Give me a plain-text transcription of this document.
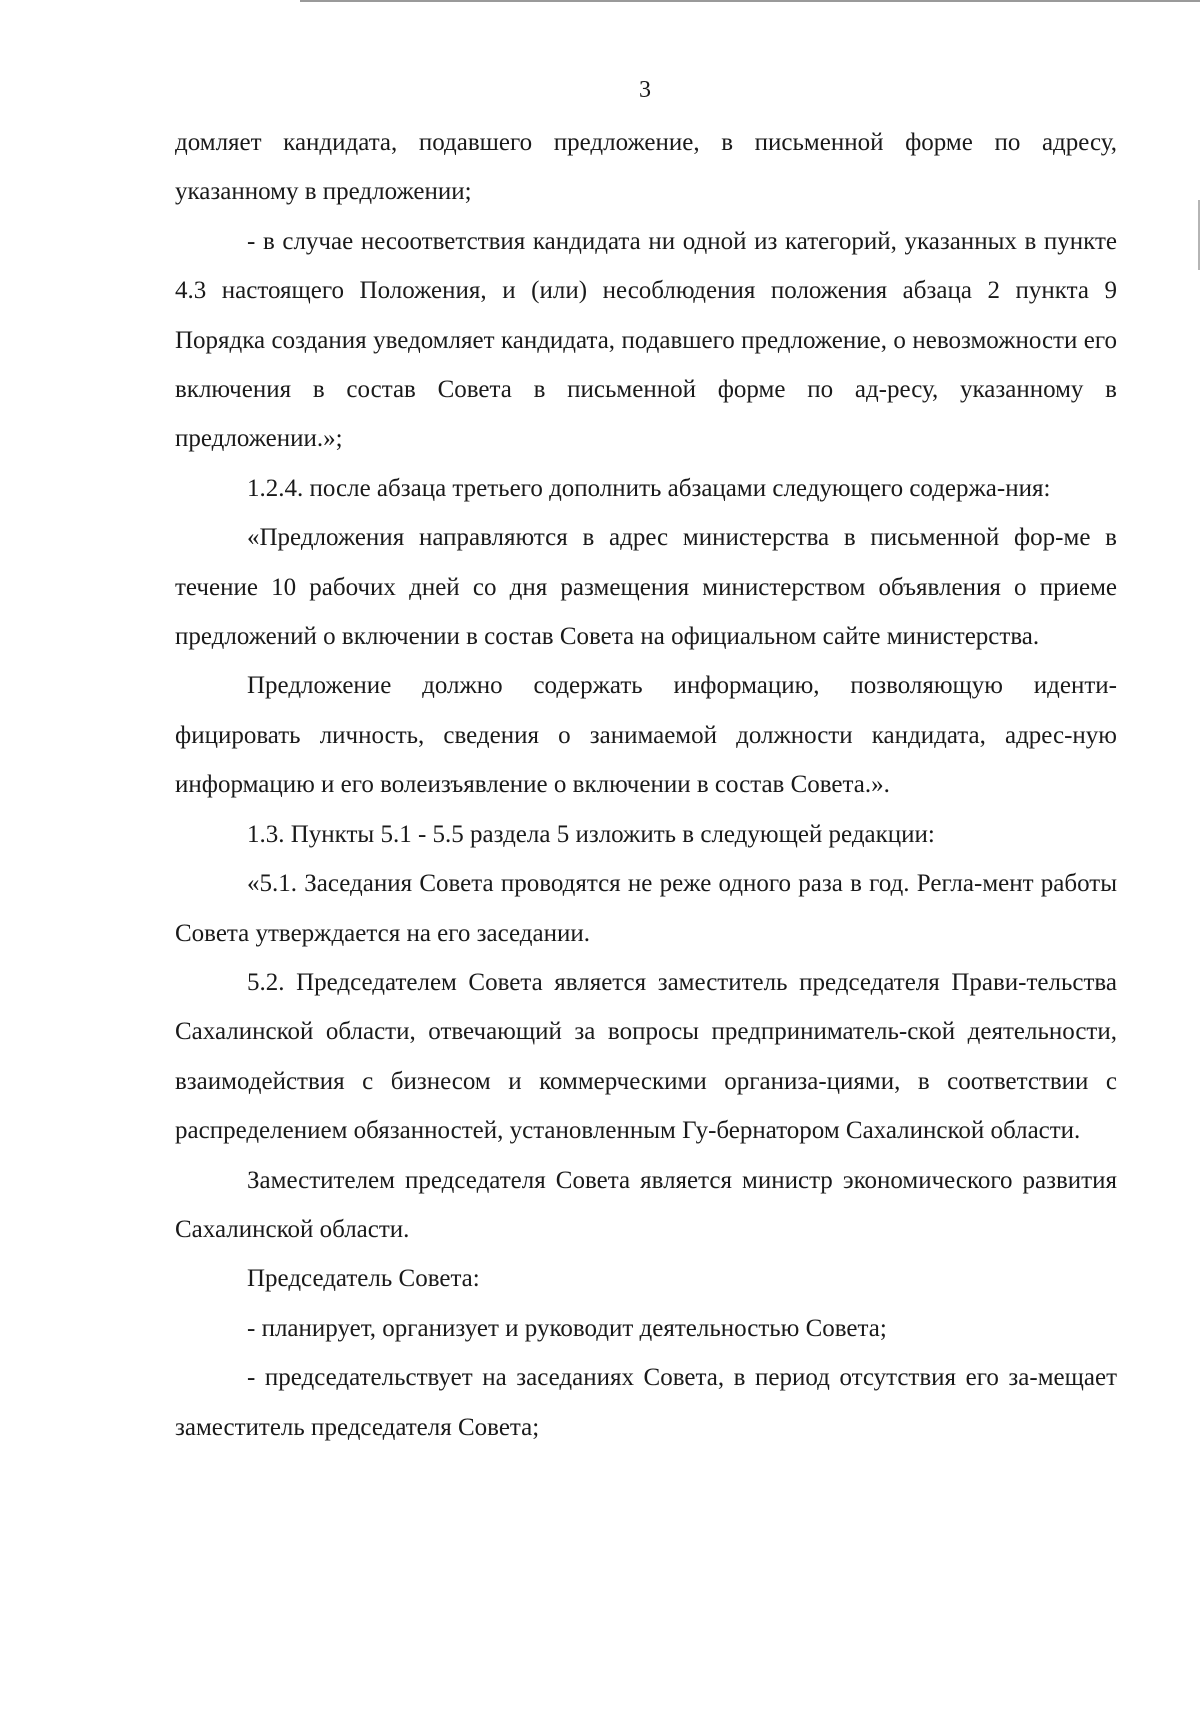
3

домляет кандидата, подавшего предложение, в письменной форме по адресу, указанному в предложении;

- в случае несоответствия кандидата ни одной из категорий, указанных в пункте 4.3 настоящего Положения, и (или) несоблюдения положения абзаца 2 пункта 9 Порядка создания уведомляет кандидата, подавшего предложение, о невозможности его включения в состав Совета в письменной форме по ад-ресу, указанному в предложении.»;

1.2.4. после абзаца третьего дополнить абзацами следующего содержа-ния:

«Предложения направляются в адрес министерства в письменной фор-ме в течение 10 рабочих дней со дня размещения министерством объявления о приеме предложений о включении в состав Совета на официальном сайте министерства.

Предложение должно содержать информацию, позволяющую иденти-фицировать личность, сведения о занимаемой должности кандидата, адрес-ную информацию и его волеизъявление о включении в состав Совета.».

1.3. Пункты 5.1 - 5.5 раздела 5 изложить в следующей редакции:

«5.1. Заседания Совета проводятся не реже одного раза в год. Регла-мент работы Совета утверждается на его заседании.

5.2. Председателем Совета является заместитель председателя Прави-тельства Сахалинской области, отвечающий за вопросы предприниматель-ской деятельности, взаимодействия с бизнесом и коммерческими организа-циями, в соответствии с распределением обязанностей, установленным Гу-бернатором Сахалинской области.

Заместителем председателя Совета является министр экономического развития Сахалинской области.

Председатель Совета:

- планирует, организует и руководит деятельностью Совета;

- председательствует на заседаниях Совета, в период отсутствия его за-мещает заместитель председателя Совета;
